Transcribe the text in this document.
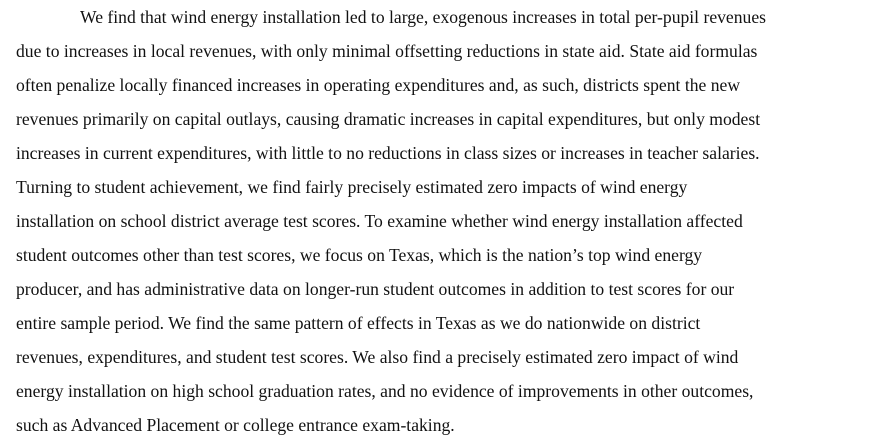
We find that wind energy installation led to large, exogenous increases in total per-pupil revenues
due to increases in local revenues, with only minimal offsetting reductions in state aid. State aid formulas
often penalize locally financed increases in operating expenditures and, as such, districts spent the new
revenues primarily on capital outlays, causing dramatic increases in capital expenditures, but only modest
increases in current expenditures, with little to no reductions in class sizes or increases in teacher salaries.
Turning to student achievement, we find fairly precisely estimated zero impacts of wind energy
installation on school district average test scores. To examine whether wind energy installation affected
student outcomes other than test scores, we focus on Texas, which is the nation’s top wind energy
producer, and has administrative data on longer-run student outcomes in addition to test scores for our
entire sample period. We find the same pattern of effects in Texas as we do nationwide on district
revenues, expenditures, and student test scores. We also find a precisely estimated zero impact of wind
energy installation on high school graduation rates, and no evidence of improvements in other outcomes,
such as Advanced Placement or college entrance exam-taking.
